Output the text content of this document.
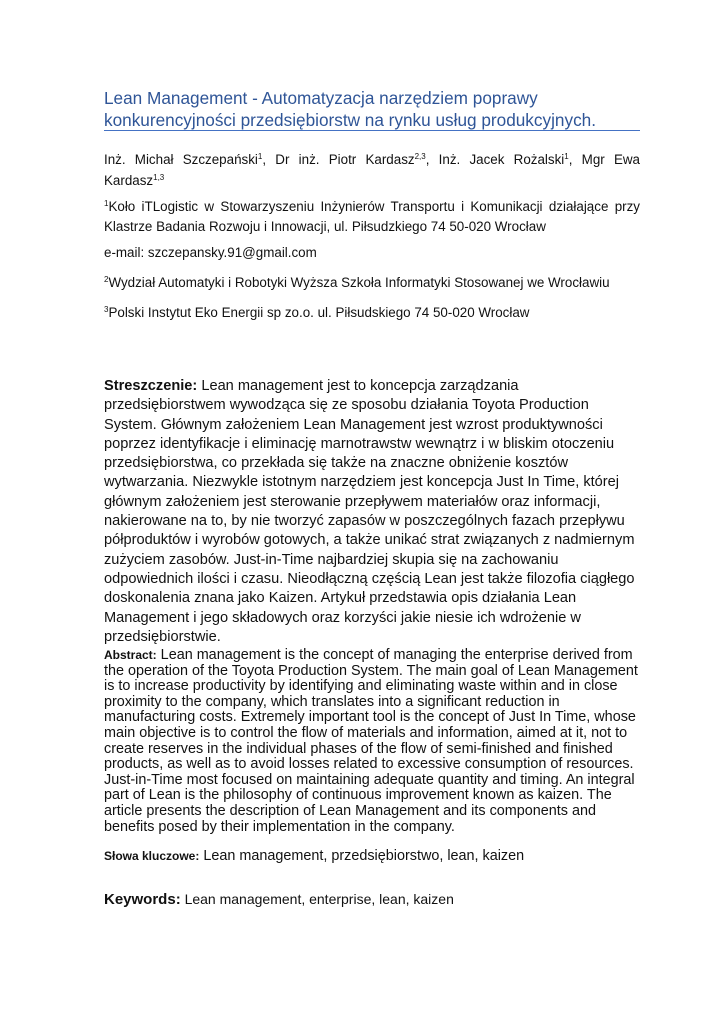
Lean Management - Automatyzacja narzędziem poprawy konkurencyjności przedsiębiorstw na rynku usług produkcyjnych.
Inż. Michał Szczepański$^1$, Dr inż. Piotr Kardasz$^{2,3}$, Inż. Jacek Rożalski$^1$, Mgr Ewa Kardasz$^{1,3}$
$^1$Koło iTLogistic w Stowarzyszeniu Inżynierów Transportu i Komunikacji działające przy Klastrze Badania Rozwoju i Innowacji, ul. Piłsudzkiego 74 50-020 Wrocław
e-mail: szczepansky.91@gmail.com
$^2$Wydział Automatyki i Robotyki Wyższa Szkoła Informatyki Stosowanej we Wrocławiu
$^3$Polski Instytut Eko Energii sp zo.o. ul. Piłsudskiego 74 50-020 Wrocław
Streszczenie: Lean management jest to koncepcja zarządzania przedsiębiorstwem wywodząca się ze sposobu działania Toyota Production System. Głównym założeniem Lean Management jest wzrost produktywności poprzez identyfikacje i eliminację marnotrawstw wewnątrz i w bliskim otoczeniu przedsiębiorstwa, co przekłada się także na znaczne obniżenie kosztów wytwarzania. Niezwykle istotnym narzędziem jest koncepcja Just In Time, której głównym założeniem jest sterowanie przepływem materiałów oraz informacji, nakierowane na to, by nie tworzyć zapasów w poszczególnych fazach przepływu półproduktów i wyrobów gotowych, a także unikać strat związanych z nadmiernym zużyciem zasobów. Just-in-Time najbardziej skupia się na zachowaniu odpowiednich ilości i czasu. Nieodłączną częścią Lean jest także filozofia ciągłego doskonalenia znana jako Kaizen. Artykuł przedstawia opis działania Lean Management i jego składowych oraz korzyści jakie niesie ich wdrożenie w przedsiębiorstwie.
Abstract: Lean management is the concept of managing the enterprise derived from the operation of the Toyota Production System. The main goal of Lean Management is to increase productivity by identifying and eliminating waste within and in close proximity to the company, which translates into a significant reduction in manufacturing costs. Extremely important tool is the concept of Just In Time, whose main objective is to control the flow of materials and information, aimed at it, not to create reserves in the individual phases of the flow of semi-finished and finished products, as well as to avoid losses related to excessive consumption of resources. Just-in-Time most focused on maintaining adequate quantity and timing. An integral part of Lean is the philosophy of continuous improvement known as kaizen. The article presents the description of Lean Management and its components and benefits posed by their implementation in the company.
Słowa kluczowe: Lean management, przedsiębiorstwo, lean, kaizen
Keywords: Lean management, enterprise, lean, kaizen
